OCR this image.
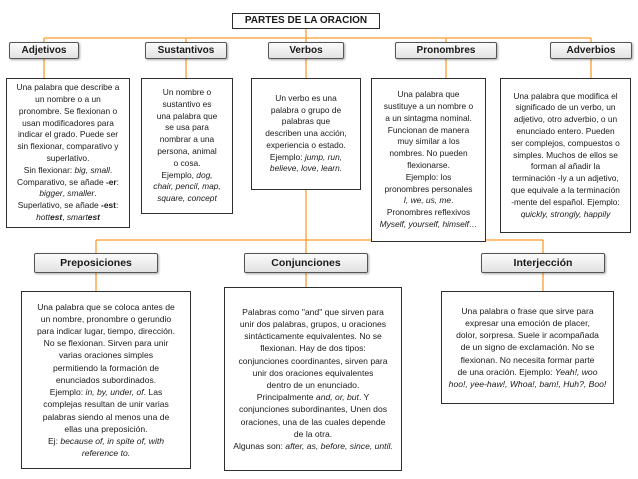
PARTES DE LA ORACION
Adjetivos	Sustantivos	Verbos	Pronombres	Adverbios
Una palabra que describe a
un nombre o a un
pronombre. Se flexionan o
usan modificadores para
indicar el grado. Puede ser
sin flexionar, comparativo y
superlativo.
Sin flexionar: big, small.
Comparativo, se añade -er:
bigger, smaller.
Superlativo, se añade -est:
hottest, smartest
Un nombre o
sustantivo es
una palabra que
se usa para
nombrar a una
persona, animal
o cosa.
Ejemplo, dog,
chair, pencil, map,
square, concept
Un verbo es una
palabra o grupo de
palabras que
describen una acción,
experiencia o estado.
Ejemplo: jump, run,
believe, love, learn.
Una palabra que
sustituye a un nombre o
a un sintagma nominal.
Funcionan de manera
muy similar a los
nombres. No pueden
flexionarse.
Ejemplo: los
pronombres personales
I, we, us, me.
Pronombres reflexivos
Myself, yourself, himself…
Una palabra que modifica el
significado de un verbo, un
adjetivo, otro adverbio, o un
enunciado entero. Pueden
ser complejos, compuestos o
simples. Muchos de ellos se
forman al añadir la
terminación -ly a un adjetivo,
que equivale a la terminación
-mente del español. Ejemplo:
quickly, strongly, happily
Preposiciones	Conjunciones	Interjección
Una palabra que se coloca antes de
un nombre, pronombre o gerundio
para indicar lugar, tiempo, dirección.
No se flexionan. Sirven para unir
varias oraciones simples
permitiendo la formación de
enunciados subordinados.
Ejemplo: in, by, under, of. Las
complejas resultan de unir varias
palabras siendo al menos una de
ellas una preposición.
Ej: because of, in spite of, with
reference to.
Palabras como "and" que sirven para
unir dos palabras, grupos, u oraciones
sintácticamente equivalentes. No se
flexionan. Hay de dos tipos:
conjunciones coordinantes, sirven para
unir dos oraciones equivalentes
dentro de un enunciado.
Principalmente and, or, but. Y
conjunciones subordinantes, Unen dos
oraciones, una de las cuales depende
de la otra.
Algunas son: after, as, before, since, until.
Una palabra o frase que sirve para
expresar una emoción de placer,
dolor, sorpresa. Suele ir acompañada
de un signo de exclamación. No se
flexionan. No necesita formar parte
de una oración. Ejemplo: Yeah!, woo
hoo!, yee-haw!, Whoa!, bam!, Huh?, Boo!
